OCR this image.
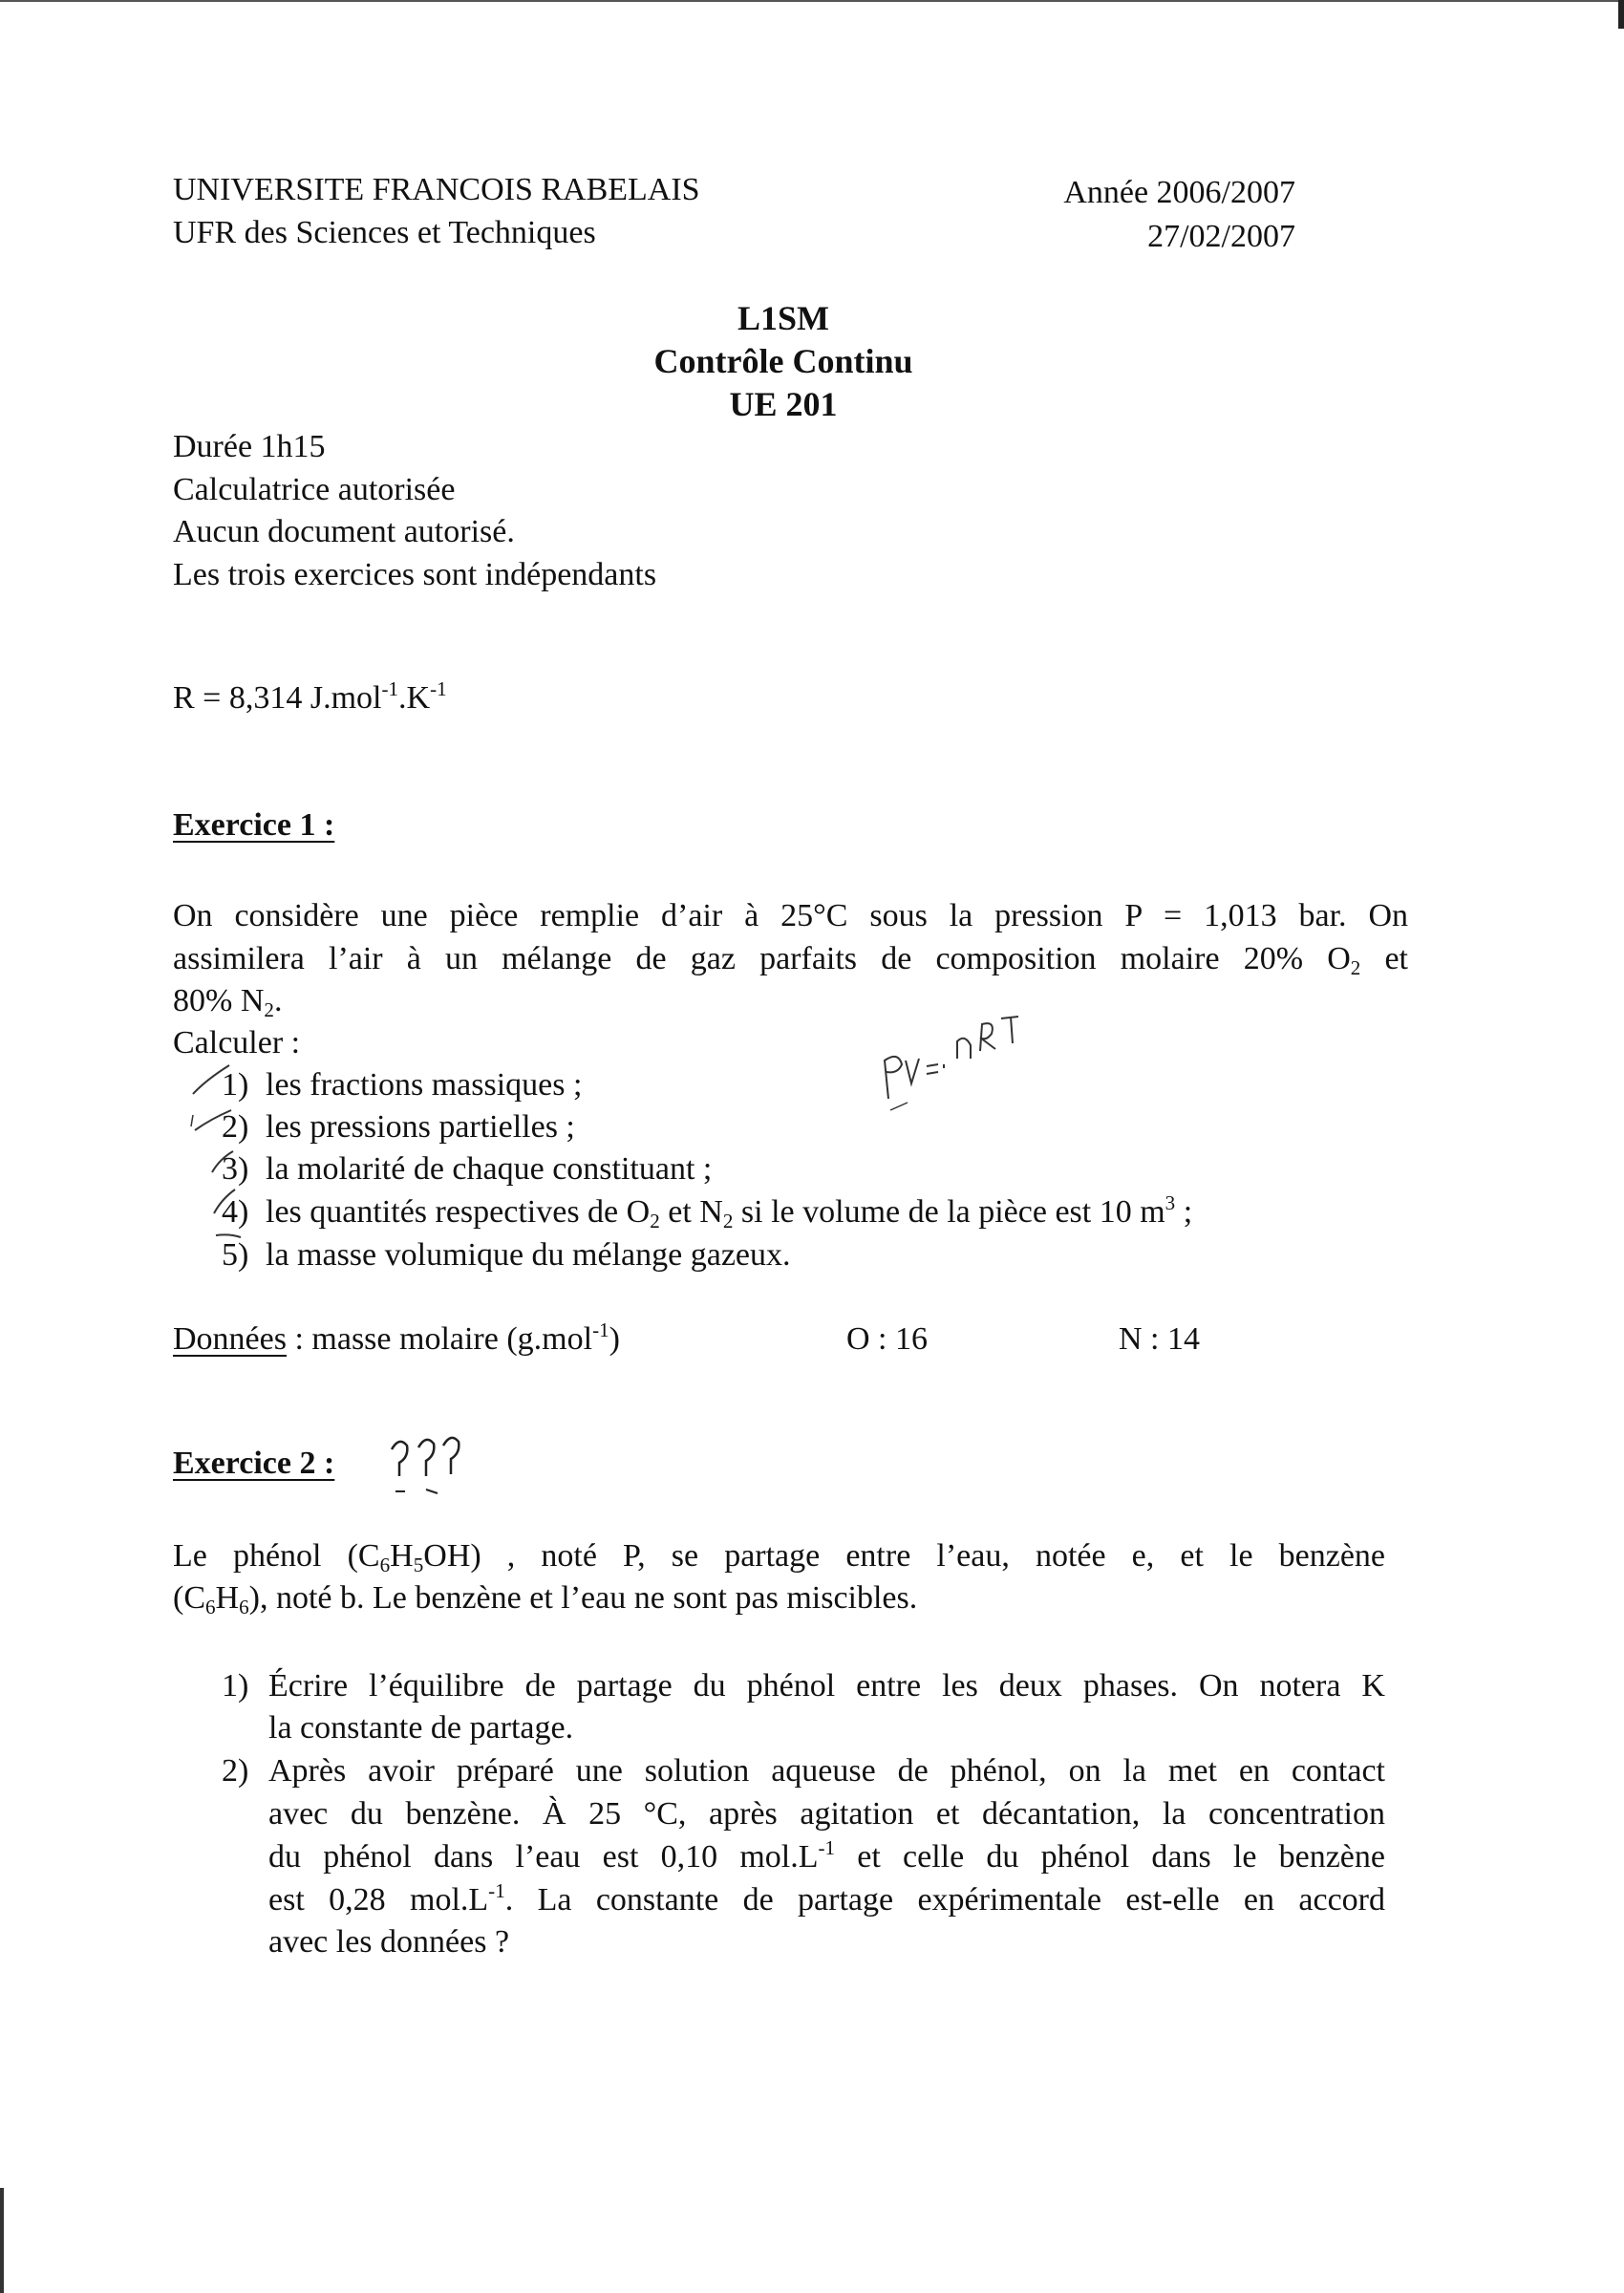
UNIVERSITE FRANCOIS RABELAIS
UFR des Sciences et Techniques
Année 2006/2007
27/02/2007
L1SM
Contrôle Continu
UE 201
Durée 1h15
Calculatrice autorisée
Aucun document autorisé.
Les trois exercices sont indépendants
R = 8,314 $J.mol^{-1}.K^{-1}$
Exercice 1 :
On considère une pièce remplie d’air à 25°C sous la pression P = 1,013 bar. On
assimilera l’air à un mélange de gaz parfaits de composition molaire 20% $O_2$ et
80% $N_2$.
Calculer :
1) les fractions massiques ;
2) les pressions partielles ;
3) la molarité de chaque constituant ;
4) les quantités respectives de $O_2$ et $N_2$ si le volume de la pièce est 10 $m^3$ ;
5) la masse volumique du mélange gazeux.
Données : masse molaire (g.mol$^{-1}$)	O : 16	N : 14
Exercice 2 :
Le phénol $(C_6H_5OH)$ , noté P, se partage entre l’eau, notée e, et le benzène
$(C_6H_6)$, noté b. Le benzène et l’eau ne sont pas miscibles.
1) Écrire l’équilibre de partage du phénol entre les deux phases. On notera K
la constante de partage.
2) Après avoir préparé une solution aqueuse de phénol, on la met en contact
avec du benzène. À 25 °C, après agitation et décantation, la concentration
du phénol dans l’eau est 0,10 $mol.L^{-1}$ et celle du phénol dans le benzène
est 0,28 $mol.L^{-1}$. La constante de partage expérimentale est-elle en accord
avec les données ?
